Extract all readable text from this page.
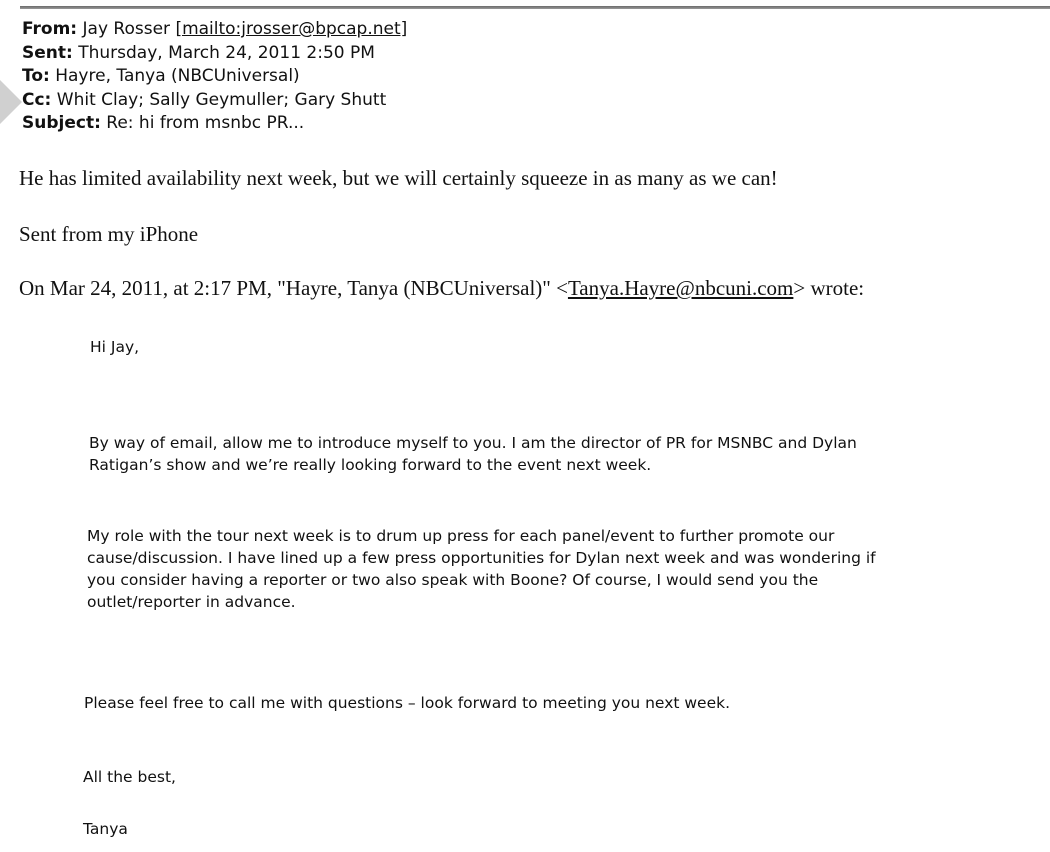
From: Jay Rosser [mailto:jrosser@bpcap.net]
Sent: Thursday, March 24, 2011 2:50 PM
To: Hayre, Tanya (NBCUniversal)
Cc: Whit Clay; Sally Geymuller; Gary Shutt
Subject: Re: hi from msnbc PR...
He has limited availability next week, but we will certainly squeeze in as many as we can!
Sent from my iPhone
On Mar 24, 2011, at 2:17 PM, "Hayre, Tanya (NBCUniversal)" <Tanya.Hayre@nbcuni.com> wrote:
Hi Jay,
By way of email, allow me to introduce myself to you. I am the director of PR for MSNBC and Dylan
Ratigan’s show and we’re really looking forward to the event next week.
My role with the tour next week is to drum up press for each panel/event to further promote our
cause/discussion. I have lined up a few press opportunities for Dylan next week and was wondering if
you consider having a reporter or two also speak with Boone? Of course, I would send you the
outlet/reporter in advance.
Please feel free to call me with questions – look forward to meeting you next week.
All the best,
Tanya
